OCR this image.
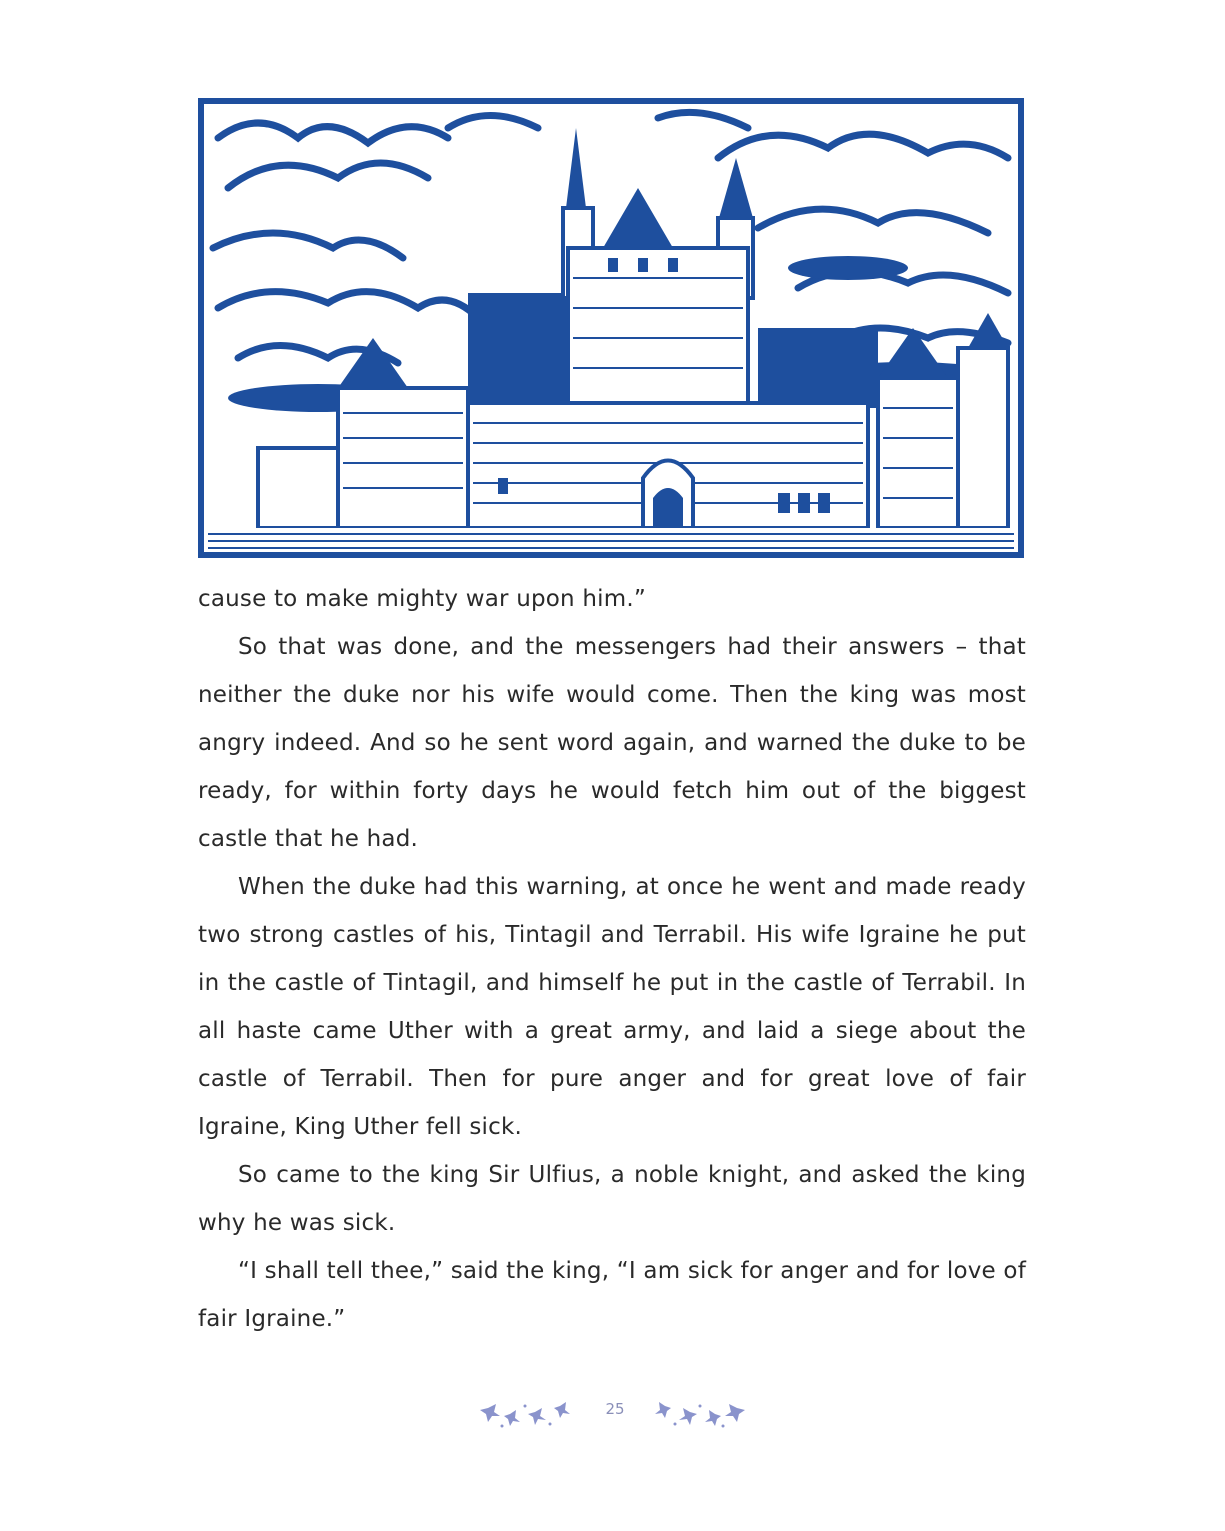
cause to make mighty war upon him.”

So that was done, and the messengers had their answers – that neither the duke nor his wife would come. Then the king was most angry indeed. And so he sent word again, and warned the duke to be ready, for within forty days he would fetch him out of the biggest castle that he had.

When the duke had this warning, at once he went and made ready two strong castles of his, Tintagil and Terrabil. His wife Igraine he put in the castle of Tintagil, and himself he put in the castle of Terrabil. In all haste came Uther with a great army, and laid a siege about the castle of Terrabil. Then for pure anger and for great love of fair Igraine, King Uther fell sick.

So came to the king Sir Ulfius, a noble knight, and asked the king why he was sick.

“I shall tell thee,” said the king, “I am sick for anger and for love of fair Igraine.”

25
